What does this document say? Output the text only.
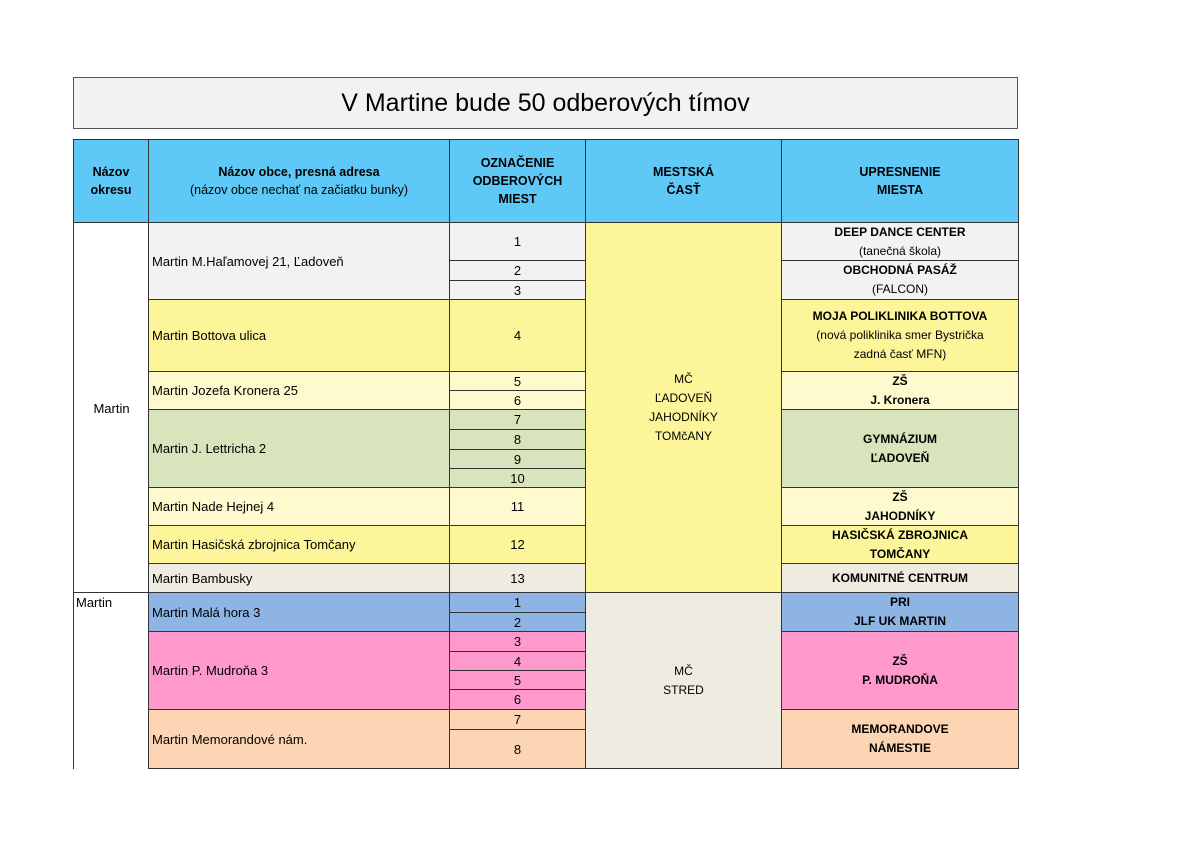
V Martine bude 50 odberových tímov
Názov
okresu
Názov obce, presná adresa
(názov obce nechať na začiatku bunky)
OZNAČENIE
ODBEROVÝCH
MIEST
MESTSKÁ
ČASŤ
UPRESNENIE
MIESTA
Martin
Martin
Martin M.Haľamovej 21, Ľadoveň
Martin Bottova ulica
Martin Jozefa Kronera 25
Martin J. Lettricha 2
Martin Nade Hejnej 4
Martin Hasičská zbrojnica Tomčany
Martin Bambusky
Martin Malá hora 3
Martin P. Mudroňa 3
Martin Memorandové nám.
1
2
3
4
5
6
7
8
9
10
11
12
13
1
2
3
4
5
6
7
8
MČ
ĽADOVEŇ
JAHODNÍKY
TOMčANY
MČ
STRED
DEEP DANCE CENTER
(tanečná škola)
OBCHODNÁ PASÁŽ
(FALCON)
MOJA POLIKLINIKA BOTTOVA
(nová poliklinika smer Bystrička
zadná časť MFN)
ZŠ
J. Kronera
GYMNÁZIUM
ĽADOVEŇ
ZŠ
JAHODNÍKY
HASIČSKÁ ZBROJNICA
TOMČANY
KOMUNITNÉ CENTRUM
PRI
JLF UK MARTIN
ZŠ
P. MUDROŇA
MEMORANDOVE
NÁMESTIE
